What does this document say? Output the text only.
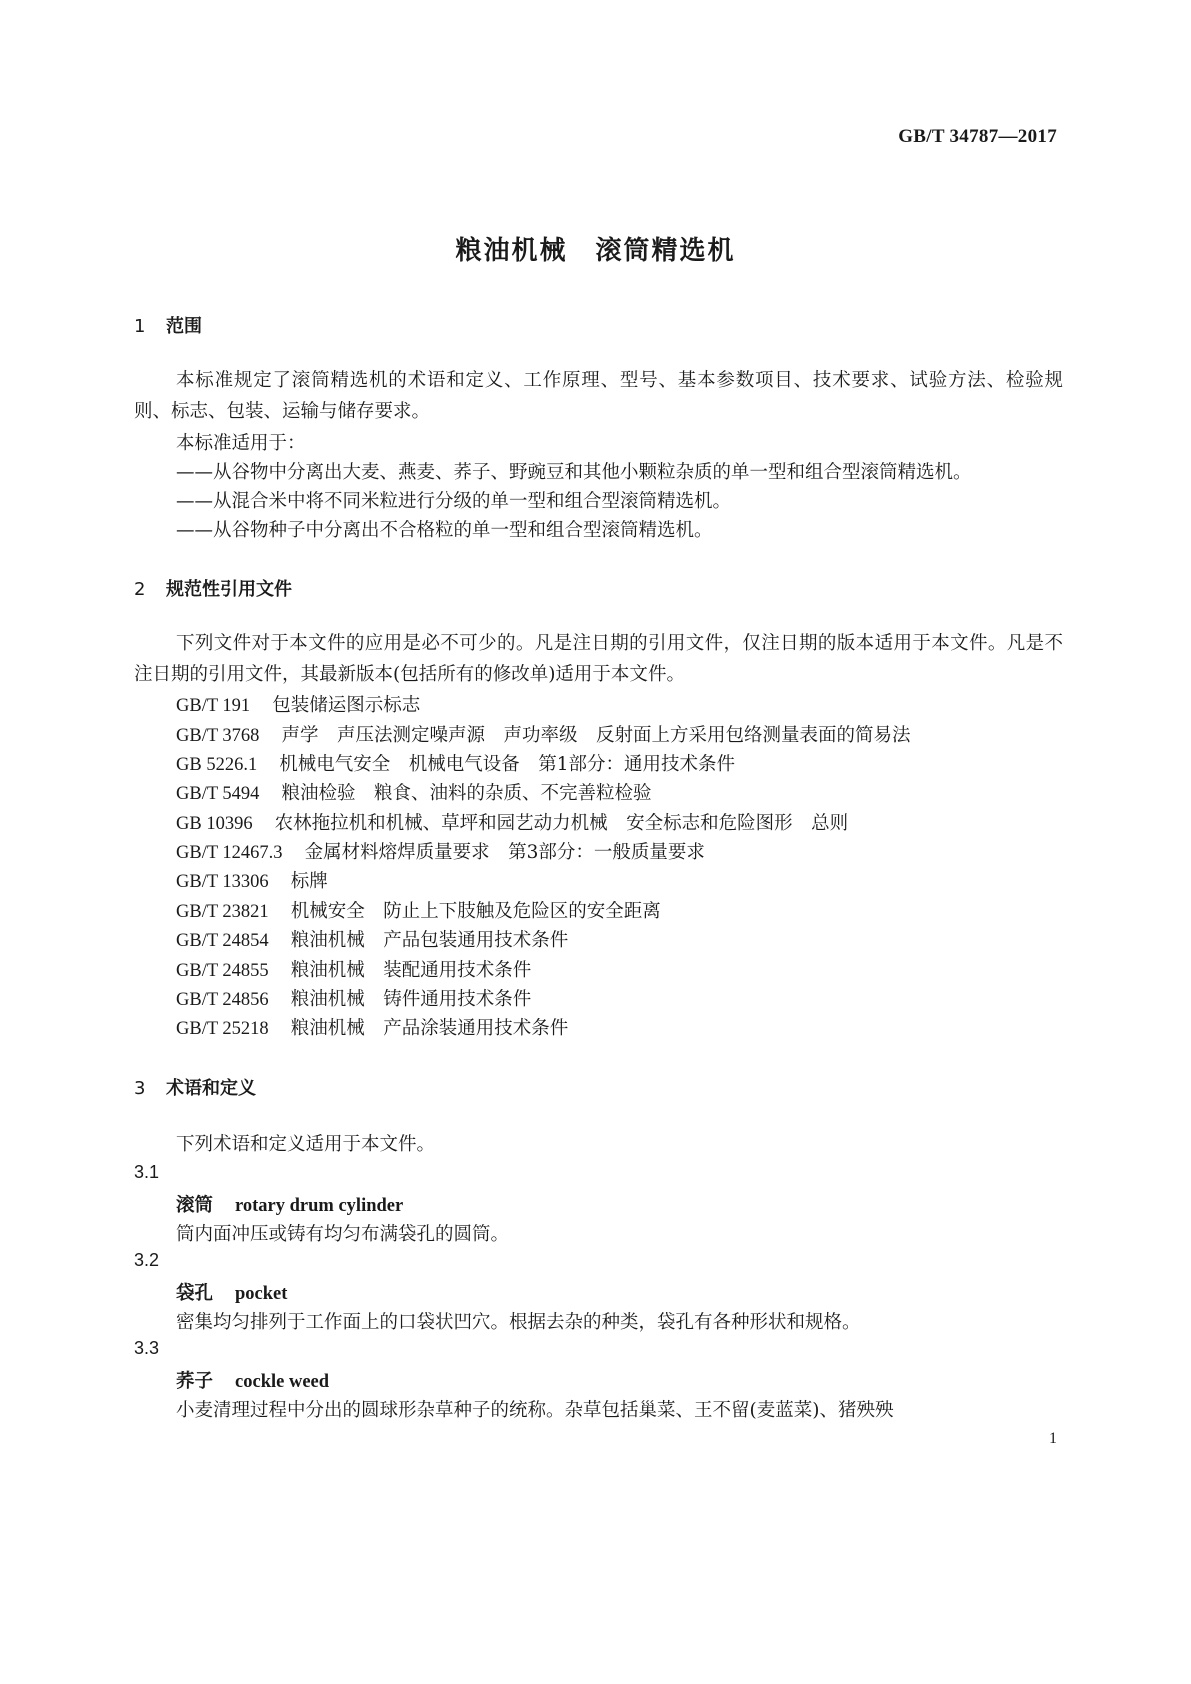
GB/T 34787—2017
粮油机械 滚筒精选机
1 范围
本标准规定了滚筒精选机的术语和定义、工作原理、型号、基本参数项目、技术要求、试验方法、检验规则、标志、包装、运输与储存要求。
本标准适用于：
——从谷物中分离出大麦、燕麦、荞子、野豌豆和其他小颗粒杂质的单一型和组合型滚筒精选机。
——从混合米中将不同米粒进行分级的单一型和组合型滚筒精选机。
——从谷物种子中分离出不合格粒的单一型和组合型滚筒精选机。
2 规范性引用文件
下列文件对于本文件的应用是必不可少的。凡是注日期的引用文件，仅注日期的版本适用于本文件。凡是不注日期的引用文件，其最新版本(包括所有的修改单)适用于本文件。
GB/T 191 包装储运图示标志
GB/T 3768 声学　声压法测定噪声源　声功率级　反射面上方采用包络测量表面的简易法
GB 5226.1 机械电气安全　机械电气设备　第1部分：通用技术条件
GB/T 5494 粮油检验　粮食、油料的杂质、不完善粒检验
GB 10396 农林拖拉机和机械、草坪和园艺动力机械　安全标志和危险图形　总则
GB/T 12467.3 金属材料熔焊质量要求　第3部分：一般质量要求
GB/T 13306 标牌
GB/T 23821 机械安全　防止上下肢触及危险区的安全距离
GB/T 24854 粮油机械　产品包装通用技术条件
GB/T 24855 粮油机械　装配通用技术条件
GB/T 24856 粮油机械　铸件通用技术条件
GB/T 25218 粮油机械　产品涂装通用技术条件
3 术语和定义
下列术语和定义适用于本文件。
3.1
滚筒 rotary drum cylinder
筒内面冲压或铸有均匀布满袋孔的圆筒。
3.2
袋孔 pocket
密集均匀排列于工作面上的口袋状凹穴。根据去杂的种类，袋孔有各种形状和规格。
3.3
荞子 cockle weed
小麦清理过程中分出的圆球形杂草种子的统称。杂草包括巢菜、王不留(麦蓝菜)、猪殃殃
1
